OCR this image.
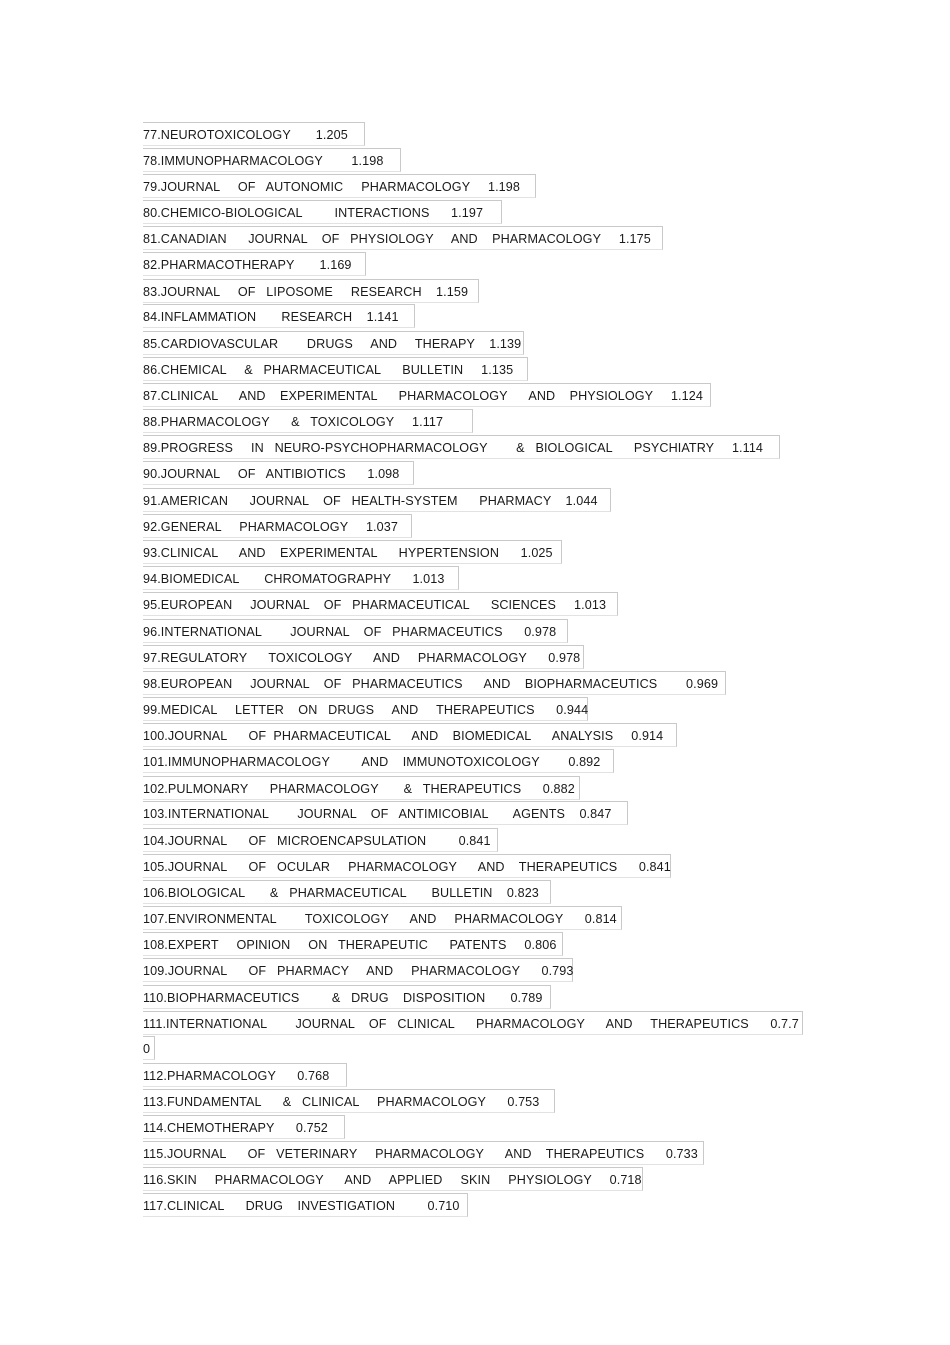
77.NEUROTOXICOLOGY       1.205
78.IMMUNOPHARMACOLOGY        1.198
79.JOURNAL     OF   AUTONOMIC     PHARMACOLOGY     1.198
80.CHEMICO-BIOLOGICAL         INTERACTIONS      1.197
81.CANADIAN      JOURNAL    OF   PHYSIOLOGY     AND    PHARMACOLOGY     1.175
82.PHARMACOTHERAPY       1.169
83.JOURNAL     OF   LIPOSOME     RESEARCH    1.159
84.INFLAMMATION       RESEARCH    1.141
85.CARDIOVASCULAR        DRUGS     AND     THERAPY    1.139
86.CHEMICAL     &   PHARMACEUTICAL      BULLETIN     1.135
87.CLINICAL      AND    EXPERIMENTAL      PHARMACOLOGY      AND    PHYSIOLOGY     1.124
88.PHARMACOLOGY      &   TOXICOLOGY     1.117
89.PROGRESS     IN   NEURO-PSYCHOPHARMACOLOGY        &   BIOLOGICAL      PSYCHIATRY     1.114
90.JOURNAL     OF   ANTIBIOTICS      1.098
91.AMERICAN      JOURNAL    OF   HEALTH-SYSTEM      PHARMACY    1.044
92.GENERAL     PHARMACOLOGY     1.037
93.CLINICAL      AND    EXPERIMENTAL      HYPERTENSION      1.025
94.BIOMEDICAL       CHROMATOGRAPHY      1.013
95.EUROPEAN     JOURNAL    OF   PHARMACEUTICAL      SCIENCES     1.013
96.INTERNATIONAL        JOURNAL    OF   PHARMACEUTICS      0.978
97.REGULATORY      TOXICOLOGY      AND     PHARMACOLOGY      0.978
98.EUROPEAN     JOURNAL    OF   PHARMACEUTICS      AND    BIOPHARMACEUTICS        0.969
99.MEDICAL     LETTER    ON   DRUGS     AND     THERAPEUTICS      0.944
100.JOURNAL      OF  PHARMACEUTICAL      AND    BIOMEDICAL      ANALYSIS     0.914
101.IMMUNOPHARMACOLOGY         AND    IMMUNOTOXICOLOGY        0.892
102.PULMONARY      PHARMACOLOGY       &   THERAPEUTICS      0.882
103.INTERNATIONAL        JOURNAL    OF   ANTIMICOBIAL       AGENTS    0.847
104.JOURNAL      OF   MICROENCAPSULATION         0.841
105.JOURNAL      OF   OCULAR     PHARMACOLOGY      AND    THERAPEUTICS      0.841
106.BIOLOGICAL       &   PHARMACEUTICAL       BULLETIN    0.823
107.ENVIRONMENTAL        TOXICOLOGY      AND     PHARMACOLOGY      0.814
108.EXPERT     OPINION     ON   THERAPEUTIC      PATENTS     0.806
109.JOURNAL      OF   PHARMACY     AND     PHARMACOLOGY      0.793
110.BIOPHARMACEUTICS         &   DRUG    DISPOSITION       0.789
111.INTERNATIONAL        JOURNAL    OF   CLINICAL      PHARMACOLOGY      AND     THERAPEUTICS      0.7.7
0
112.PHARMACOLOGY      0.768
113.FUNDAMENTAL      &   CLINICAL     PHARMACOLOGY      0.753
114.CHEMOTHERAPY      0.752
115.JOURNAL      OF   VETERINARY     PHARMACOLOGY      AND    THERAPEUTICS      0.733
116.SKIN     PHARMACOLOGY      AND     APPLIED     SKIN     PHYSIOLOGY     0.718
117.CLINICAL      DRUG    INVESTIGATION         0.710
